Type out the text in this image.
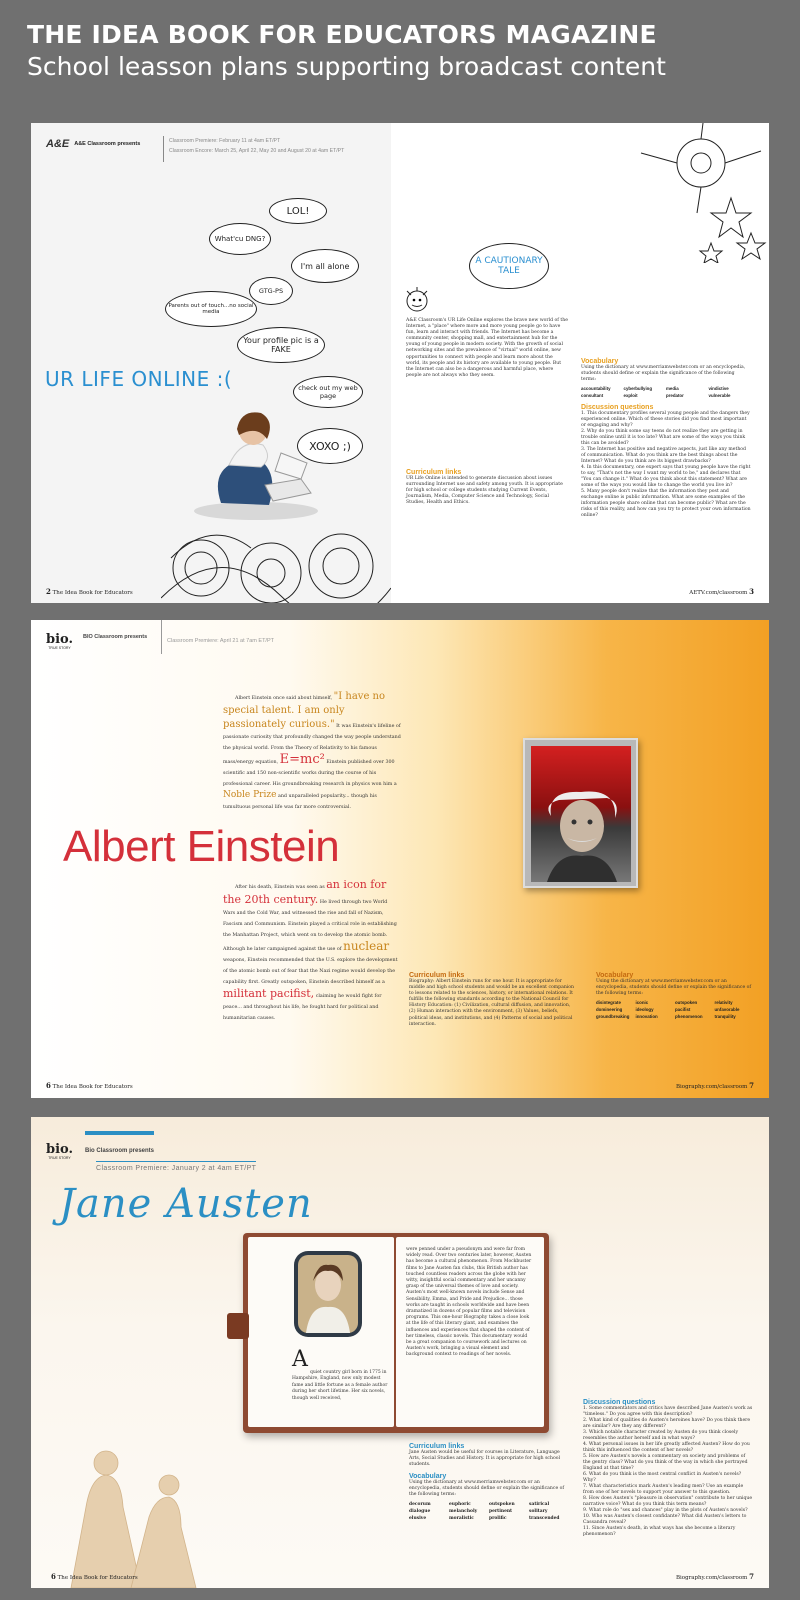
THE IDEA BOOK FOR EDUCATORS MAGAZINE
School leasson plans supporting broadcast content
A&E A&E Classroom presents	Classroom Premiere: February 11 at 4am ET/PT
Classroom Encore: March 25, April 22, May 20 and August 20 at 4am ET/PT
LOL!
What'cu DNG?
I'm all alone
GTG-PS
Parents out of touch...no social media
Your profile pic is a FAKE
check out my web page
XOXO ;)
UR LIFE ONLINE :(
2 The Idea Book for Educators
A CAUTIONARY TALE
A&E Classroom's UR Life Online explores the brave new world of the Internet, a "place" where more and more young people go to have fun, learn and interact with friends. The Internet has become a community center, shopping mall, and entertainment hub for the young of young people in modern society. With the growth of social networking sites and the prevalence of "virtual" world online, new opportunities to connect with people and learn more about the world, its people and its history are available to young people. But the Internet can also be a dangerous and harmful place, where people are not always who they seem.
Curriculum links
UR Life Online is intended to generate discussion about issues surrounding Internet use and safety among youth. It is appropriate for high school or college students studying Current Events, Journalism, Media, Computer Science and Technology, Social Studies, Health and Ethics.
Vocabulary
Using the dictionary at www.merriamwebster.com or an encyclopedia, students should define or explain the significance of the following terms:
accountability	cyberbullying	media	vindictive
consultant	exploit	predator	vulnerable
Discussion questions
1. This documentary profiles several young people and the dangers they experienced online. Which of these stories did you find most important or engaging and why?
2. Why do you think some say teens do not realize they are getting in trouble online until it is too late? What are some of the ways you think this can be avoided?
3. The Internet has positive and negative aspects, just like any method of communication. What do you think are the best things about the Internet? What do you think are its biggest drawbacks?
4. In this documentary, one expert says that young people have the right to say, "That's not the way I want my world to be," and declares that "You can change it." What do you think about this statement? What are some of the ways you would like to change the world you live in?
5. Many people don't realize that the information they post and exchange online is public information. What are some examples of the information people share online that can become public? What are the risks of this reality, and how can you try to protect your own information online?
AETV.com/classroom 3
bio.
TRUE STORY
BIO Classroom presents
Classroom Premiere: April 21 at 7am ET/PT
Albert Einstein once said about himself, "I have no special talent. I am only passionately curious." It was Einstein's lifeline of passionate curiosity that profoundly changed the way people understand the physical world. From the Theory of Relativity to his famous mass/energy equation, E=mc² Einstein published over 300 scientific and 150 non-scientific works during the course of his professional career. His groundbreaking research in physics won him a Noble Prize and unparalleled popularity... though his tumultuous personal life was far more controversial.
Albert Einstein
After his death, Einstein was seen as an icon for the 20th century. He lived through two World Wars and the Cold War, and witnessed the rise and fall of Nazism, Fascism and Communism. Einstein played a critical role in establishing the Manhattan Project, which went on to develop the atomic bomb. Although he later campaigned against the use of nuclear weapons, Einstein recommended that the U.S. explore the development of the atomic bomb out of fear that the Nazi regime would develop the capability first. Greatly outspoken, Einstein described himself as a militant pacifist, claiming he would fight for peace... and throughout his life, he fought hard for political and humanitarian causes.
Curriculum links
Biography: Albert Einstein runs for one hour. It is appropriate for middle and high school students and would be an excellent companion to lessons related to the sciences, history, or international relations. It fulfills the following standards according to the National Council for History Education: (1) Civilization, cultural diffusion, and innovation, (2) Human interaction with the environment, (3) Values, beliefs, political ideas, and institutions, and (4) Patterns of social and political interaction.
Vocabulary
Using the dictionary at www.merriamwebster.com or an encyclopedia, students should define or explain the significance of the following terms:
disintegrate	iconic	outspoken	relativity
domineering	ideology	pacifist	unfavorable
groundbreaking	innovation	phenomenon	tranquility
6 The Idea Book for Educators	Biography.com/classroom 7
bio.
TRUE STORY
Bio Classroom presents
Classroom Premiere: January 2 at 4am ET/PT
Jane Austen
A
quiet country girl born in 1775 in Hampshire, England, now only modest fame and little fortune as a female author during her short lifetime. Her six novels, though well received,
were penned under a pseudonym and were far from widely read. Over two centuries later, however, Austen has become a cultural phenomenon. From Mockbuster films to Jane Austen fan clubs, this British author has touched countless readers across the globe with her witty, insightful social commentary and her uncanny grasp of the universal themes of love and society. Austen's most well-known novels include Sense and Sensibility, Emma, and Pride and Prejudice... those works are taught in schools worldwide and have been dramatized in dozens of popular films and television programs. This one-hour Biography takes a close look at the life of this literary giant, and examines the influences and experiences that shaped the content of her timeless, classic novels. This documentary would be a great companion to coursework and lectures on Austen's work, bringing a visual element and background context to readings of her novels.
Curriculum links
Jane Austen would be useful for courses in Literature, Language Arts, Social Studies and History. It is appropriate for high school students.
Vocabulary
Using the dictionary at www.merriamwebster.com or an encyclopedia, students should define or explain the significance of the following terms:
decorum	euphoric	outspoken	satirical
dialogue	melancholy	pertinent	solitary
elusive	moralistic	prolific	transcended
Discussion questions
1. Some commentators and critics have described Jane Austen's work as "timeless." Do you agree with this description?
2. What kind of qualities do Austen's heroines have? Do you think there are similar? Are they any different?
3. Which notable character created by Austen do you think closely resembles the author herself and in what ways?
4. What personal issues in her life greatly affected Austen? How do you think this influenced the content of her novels?
5. How are Austen's novels a commentary on society and problems of the gentry class? What do you think of the way in which she portrayed England at that time?
6. What do you think is the most central conflict in Austen's novels? Why?
7. What characteristics mark Austen's leading men? Use an example from one of her novels to support your answer to this question.
8. How does Austen's "pleasure in observation" contribute to her unique narrative voice? What do you think this term means?
9. What role do "sex and chances" play in the plots of Austen's novels?
10. Who was Austen's closest confidante? What did Austen's letters to Cassandra reveal?
11. Since Austen's death, in what ways has she become a literary phenomenon?
6 The Idea Book for Educators	Biography.com/classroom 7
